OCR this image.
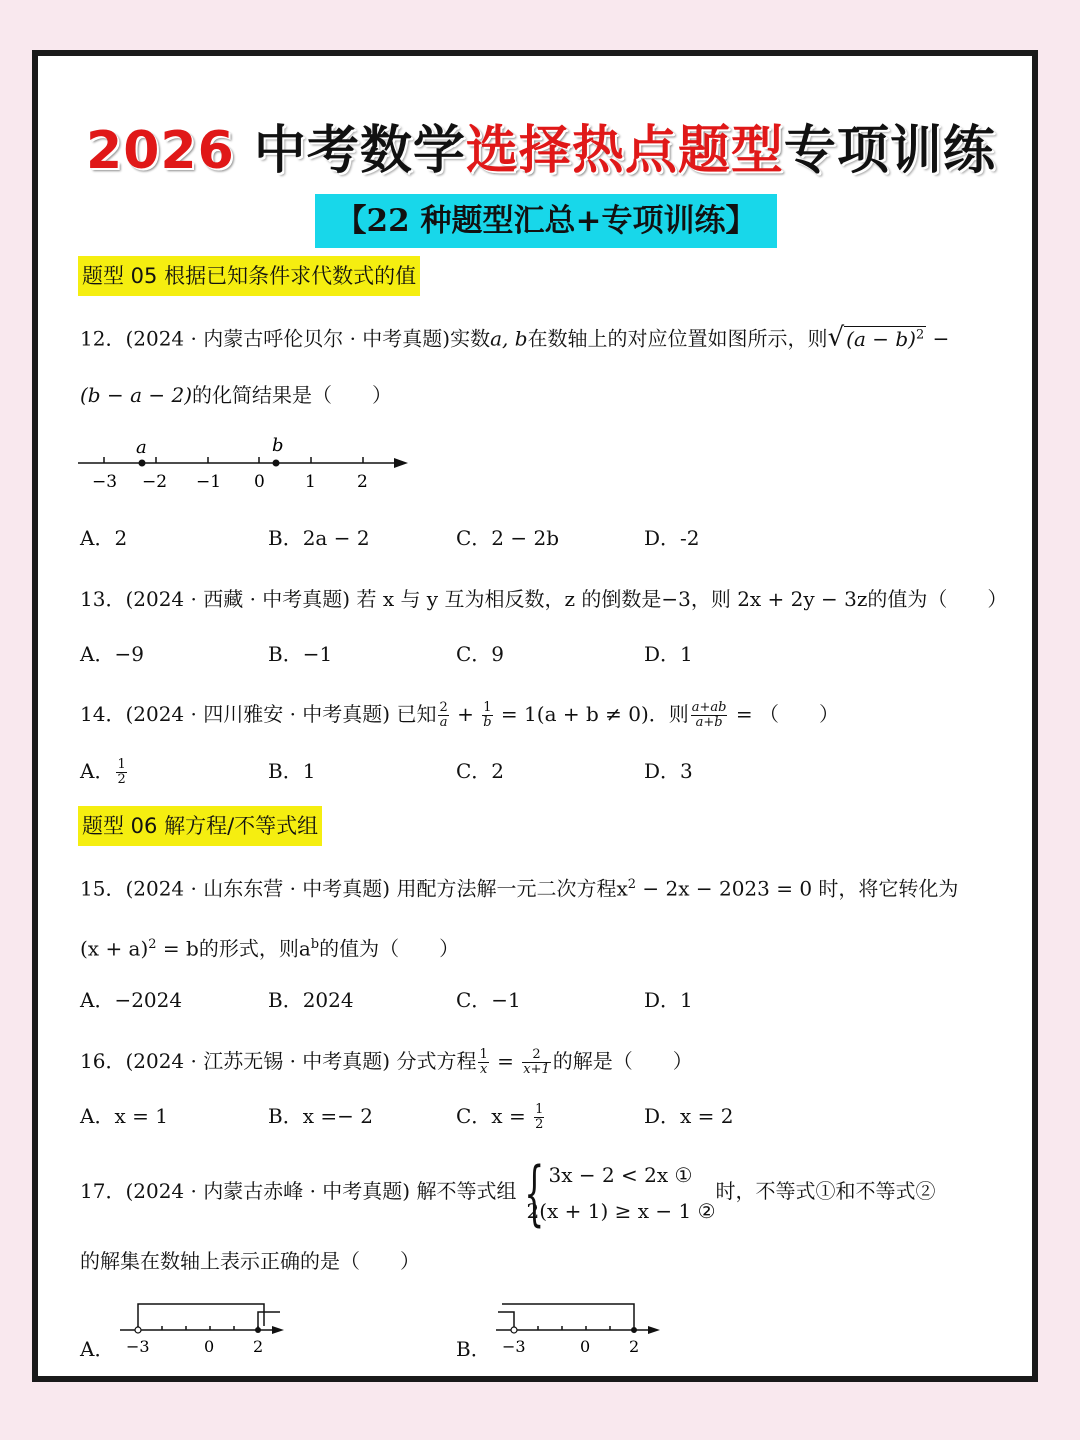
2026 中考数学选择热点题型专项训练
【22 种题型汇总+专项训练】
题型 05 根据已知条件求代数式的值
12．(2024 · 内蒙古呼伦贝尔 · 中考真题)实数a, b在数轴上的对应位置如图所示，则√ $(a - b)^2$ −
(b − a − 2)的化简结果是（　　）
a	b
−3 −2 −1 0 1 2
A．2	B．2a − 2	C．2 − 2b	D．-2
13．(2024 · 西藏 · 中考真题) 若 x 与 y 互为相反数，z 的倒数是−3，则 2x + 2y − 3z的值为（　　）
A．−9	B．−1	C．9	D．1
14．(2024 · 四川雅安 · 中考真题) 已知 $\frac{2}{a} + \frac{1}{b} = 1(a + b \ne 0)$．则 $\frac{a+ab}{a+b}$ = （　　）
A． $\frac{1}{2}$	B．1	C．2	D．3
题型 06 解方程/不等式组
15．(2024 · 山东东营 · 中考真题) 用配方法解一元二次方程$x^2 - 2x - 2023 = 0$ 时，将它转化为
$(x + a)^2 = b$的形式，则$a^b$的值为（　　）
A．−2024	B．2024	C．−1	D．1
16．(2024 · 江苏无锡 · 中考真题) 分式方程 $\frac{1}{x} = \frac{2}{x+1}$ 的解是（　　）
A．x = 1	B．x =− 2	C．$x = \frac{1}{2}$	D．x = 2
17．(2024 · 内蒙古赤峰 · 中考真题) 解不等式组 { 3x − 2 < 2x ①
2(x + 1) ≥ x − 1 ②
时，不等式①和不等式②
的解集在数轴上表示正确的是（　　）
A． −3	0 2	B． −3	0 2
